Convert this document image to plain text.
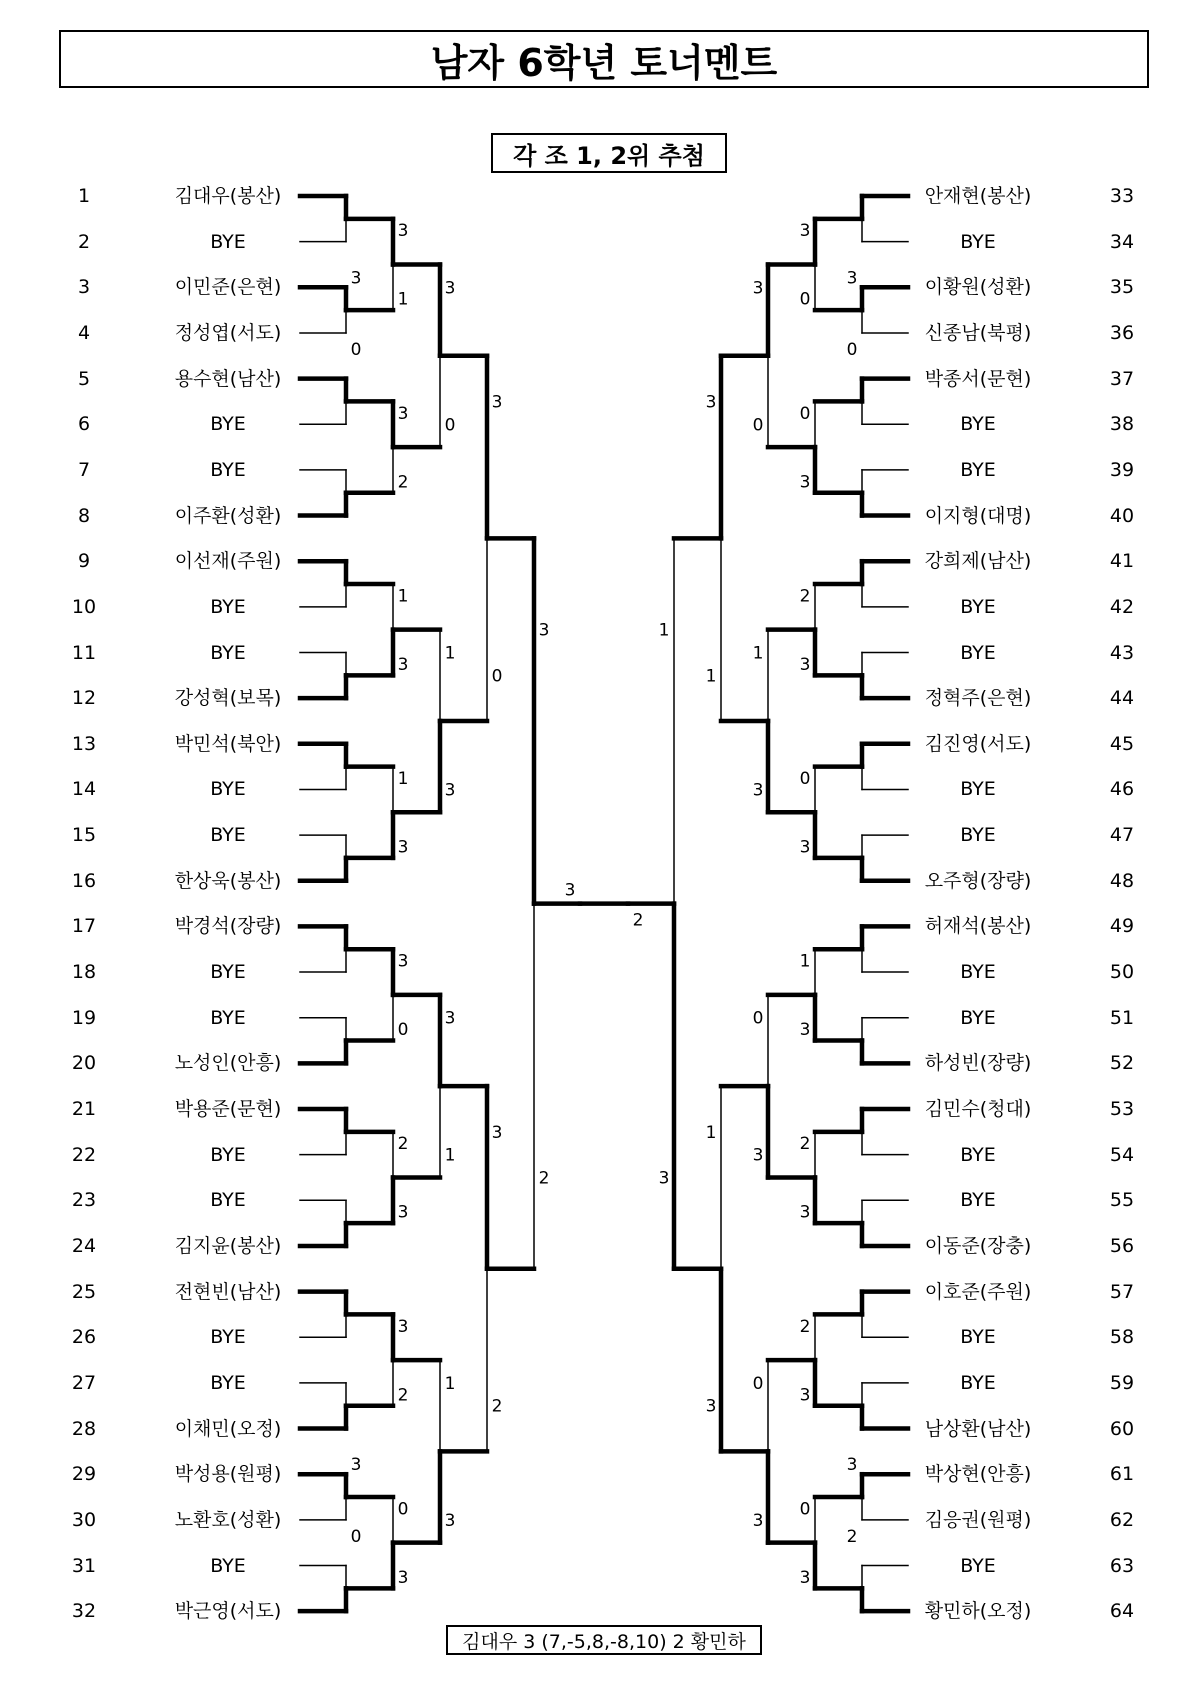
남자 6학년 토너멘트
각 조 1, 2위 추첨
1	김대우(봉산)
2	BYE
3	이민준(은현)
4	정성엽(서도)
5	용수현(남산)
6	BYE
7	BYE
8	이주환(성환)
9	이선재(주원)
10	BYE
11	BYE
12	강성혁(보목)
13	박민석(북안)
14	BYE
15	BYE
16	한상욱(봉산)
17	박경석(장량)
18	BYE
19	BYE
20	노성인(안흥)
21	박용준(문현)
22	BYE
23	BYE
24	김지윤(봉산)
25	전현빈(남산)
26	BYE
27	BYE
28	이채민(오정)
29	박성용(원평)
30	노환호(성환)
31	BYE
32	박근영(서도)
안재현(봉산)	33
BYE	34
이황원(성환)	35
신종남(북평)	36
박종서(문현)	37
BYE	38
BYE	39
이지형(대명)	40
강희제(남산)	41
BYE	42
BYE	43
정혁주(은현)	44
김진영(서도)	45
BYE	46
BYE	47
오주형(장량)	48
허재석(봉산)	49
BYE	50
BYE	51
하성빈(장량)	52
김민수(청대)	53
BYE	54
BYE	55
이동준(장충)	56
이호준(주원)	57
BYE	58
BYE	59
남상환(남산)	60
박상현(안흥)	61
김응권(원평)	62
BYE	63
황민하(오정)	64
3
0
3
0
3
1
3
2
1
3
1
3
3
0
2
3
3
2
0
3
3
0
1
3
3
1
1
3
3
0
3
2
3
2
3
0
3
2
3
0
0
3
2
3
0
3
1
3
2
3
2
3
0
3
3
0
1
3
0
3
0
3
3
1
1
3
1
3
3
2
김대우 3 (7,-5,8,-8,10) 2 황민하
